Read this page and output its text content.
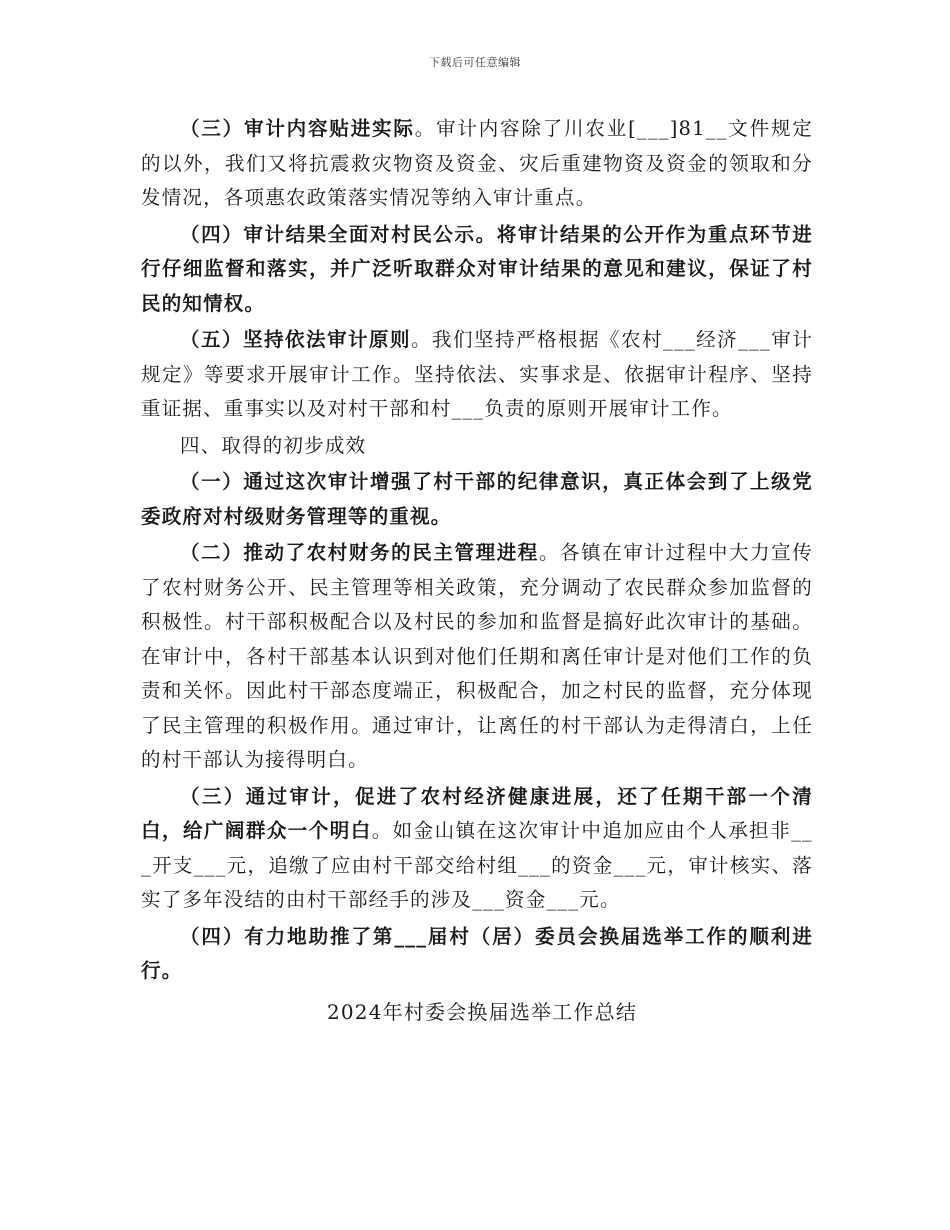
下载后可任意编辑

（三）审计内容贴进实际。审计内容除了川农业[___]81__文件规定的以外，我们又将抗震救灾物资及资金、灾后重建物资及资金的领取和分发情况，各项惠农政策落实情况等纳入审计重点。

（四）审计结果全面对村民公示。将审计结果的公开作为重点环节进行仔细监督和落实，并广泛听取群众对审计结果的意见和建议，保证了村民的知情权。

（五）坚持依法审计原则。我们坚持严格根据《农村___经济___审计规定》等要求开展审计工作。坚持依法、实事求是、依据审计程序、坚持重证据、重事实以及对村干部和村___负责的原则开展审计工作。

四、取得的初步成效

（一）通过这次审计增强了村干部的纪律意识，真正体会到了上级党委政府对村级财务管理等的重视。

（二）推动了农村财务的民主管理进程。各镇在审计过程中大力宣传了农村财务公开、民主管理等相关政策，充分调动了农民群众参加监督的积极性。村干部积极配合以及村民的参加和监督是搞好此次审计的基础。在审计中，各村干部基本认识到对他们任期和离任审计是对他们工作的负责和关怀。因此村干部态度端正，积极配合，加之村民的监督，充分体现了民主管理的积极作用。通过审计，让离任的村干部认为走得清白，上任的村干部认为接得明白。

（三）通过审计，促进了农村经济健康进展，还了任期干部一个清白，给广阔群众一个明白。如金山镇在这次审计中追加应由个人承担非___开支___元，追缴了应由村干部交给村组___的资金___元，审计核实、落实了多年没结的由村干部经手的涉及___资金___元。

（四）有力地助推了第___届村（居）委员会换届选举工作的顺利进行。

2024年村委会换届选举工作总结
